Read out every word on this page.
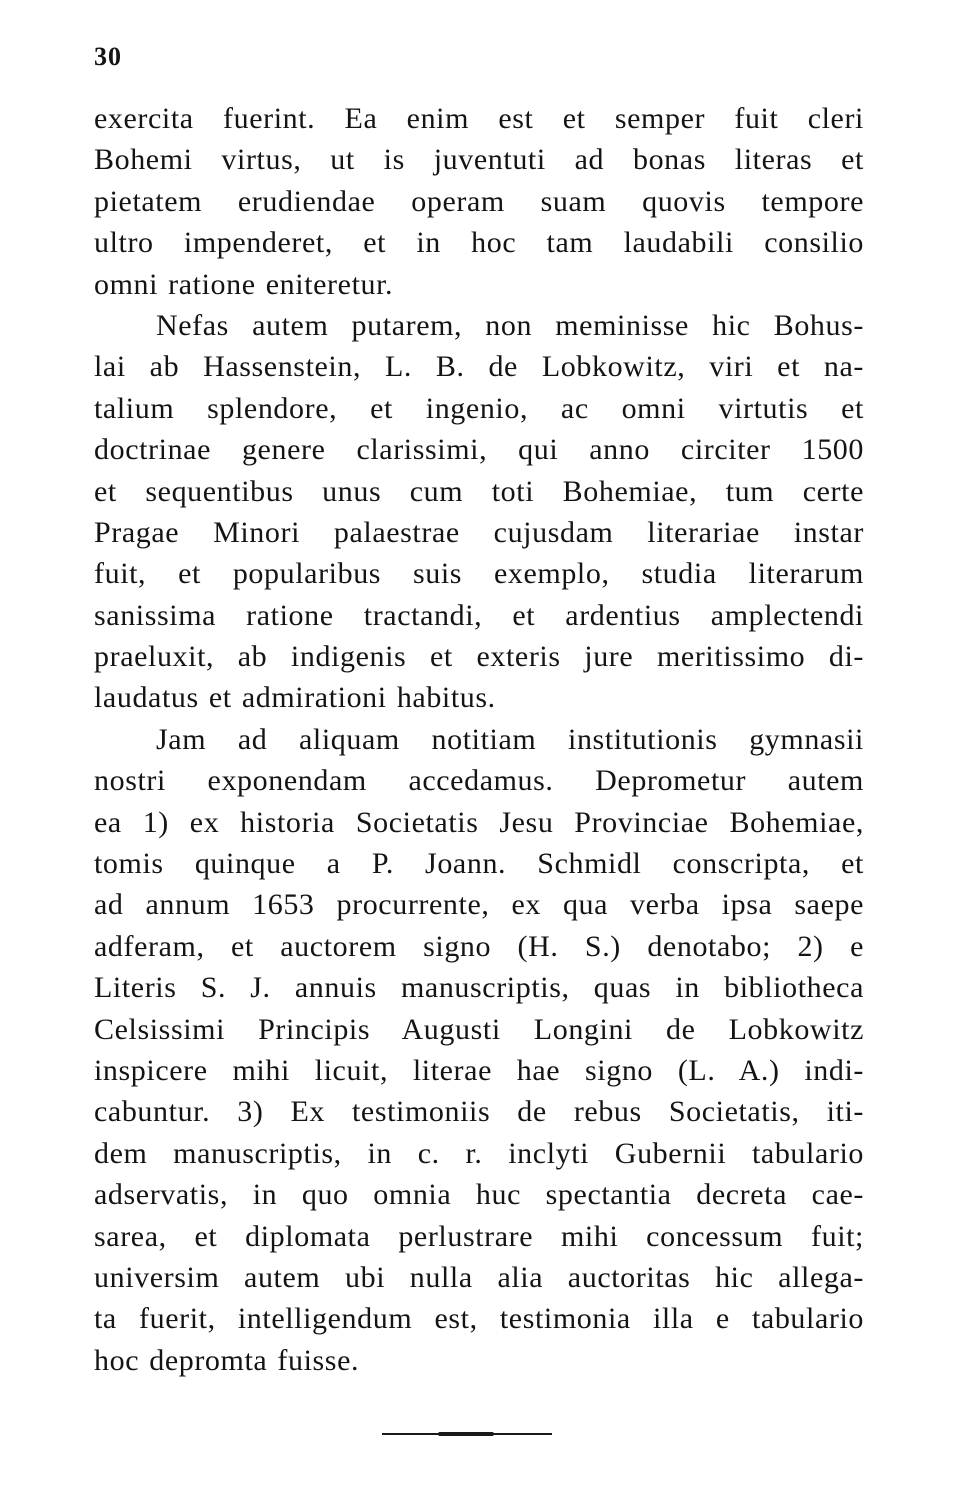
30
exercita fuerint. Ea enim est et semper fuit cleri
Bohemi virtus, ut is juventuti ad bonas literas et
pietatem erudiendae operam suam quovis tempore
ultro impenderet, et in hoc tam laudabili consilio
omni ratione eniteretur.
Nefas autem putarem, non meminisse hic Bohus-
lai ab Hassenstein, L. B. de Lobkowitz, viri et na-
talium splendore, et ingenio, ac omni virtutis et
doctrinae genere clarissimi, qui anno circiter 1500
et sequentibus unus cum toti Bohemiae, tum certe
Pragae Minori palaestrae cujusdam literariae instar
fuit, et popularibus suis exemplo, studia literarum
sanissima ratione tractandi, et ardentius amplectendi
praeluxit, ab indigenis et exteris jure meritissimo di-
laudatus et admirationi habitus.
Jam ad aliquam notitiam institutionis gymnasii
nostri exponendam accedamus. Deprometur autem
ea 1) ex historia Societatis Jesu Provinciae Bohemiae,
tomis quinque a P. Joann. Schmidl conscripta, et
ad annum 1653 procurrente, ex qua verba ipsa saepe
adferam, et auctorem signo (H. S.) denotabo; 2) e
Literis S. J. annuis manuscriptis, quas in bibliotheca
Celsissimi Principis Augusti Longini de Lobkowitz
inspicere mihi licuit, literae hae signo (L. A.) indi-
cabuntur. 3) Ex testimoniis de rebus Societatis, iti-
dem manuscriptis, in c. r. inclyti Gubernii tabulario
adservatis, in quo omnia huc spectantia decreta cae-
sarea, et diplomata perlustrare mihi concessum fuit;
universim autem ubi nulla alia auctoritas hic allega-
ta fuerit, intelligendum est, testimonia illa e tabulario
hoc depromta fuisse.
